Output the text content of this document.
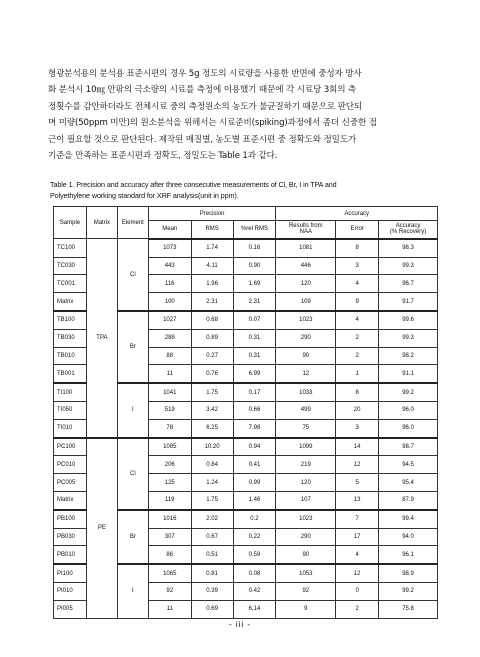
형광분석용의 분석용 표준시편의 경우 5g 정도의 시료량을 사용한 반면에 중성자 방사
화 분석시 10㎎ 안팎의 극소량의 시료를 측정에 이용했기 때문에 각 시료당 3회의 측
정횟수를 감안하더라도 전체시료 중의 측정원소의 농도가 불균질하기 때문으로 판단되
며 미량(50ppm 미만)의 원소분석을 위해서는 시료준비(spiking)과정에서 좀더 신중한 접
근이 필요할 것으로 판단된다. 제작된 매질별, 농도별 표준시편 중 정확도와 정밀도가
기준을 만족하는 표준시편과 정확도, 정밀도는 Table 1과 같다.
Table 1. Precision and accuracy after three consecutive measurements of Cl, Br, I in TPA and
Polyethylene working standard for XRF analysis(unit in ppm).
Sample	Matrix	Element	Precision			Accuracy		
			Mean	RMS	%rel RMS	Results from
NAA	Error	Accuracy
(% Recovery)
TC100	TPA	Cl	1073	1.74	0.16	1081	8	98.3
TC030			443	4.11	0.90	446	3	99.3
TC001			116	1.96	1.69	120	4	96.7
Matrix			100	2.31	2.31	109	9	91.7
TB100		Br	1027	0.68	0.07	1023	4	99.6
TB030			288	0.89	0.31	290	2	99.3
TB010			88	0.27	0.31	90	2	98.2
TB001			11	0.76	6.99	12	1	91.1
TI100		I	1041	1.75	0.17	1033	8	99.2
TI050			519	3.42	0.66	499	20	96.0
TI010			78	6.25	7.98	75	3	96.0
PC100	PE	Cl	1085	10.20	0.94	1099	14	98.7
PC010			206	0.84	0.41	219	12	94.5
PC005			125	1.24	0.99	120	5	95.4
Matrix			119	1.75	1.46	107	13	87.9
PB100		Br	1016	2.02	0.2	1023	7	99.4
PB030			307	0.67	0.22	290	17	94.0
PB010			86	0.51	0.59	90	4	96.1
PI100		I	1065	0.81	0.08	1053	12	98.9
PI010			92	0.39	0.42	92	0	99.2
PI005			11	0.69	6.14	9	2	75.8
- iii -
